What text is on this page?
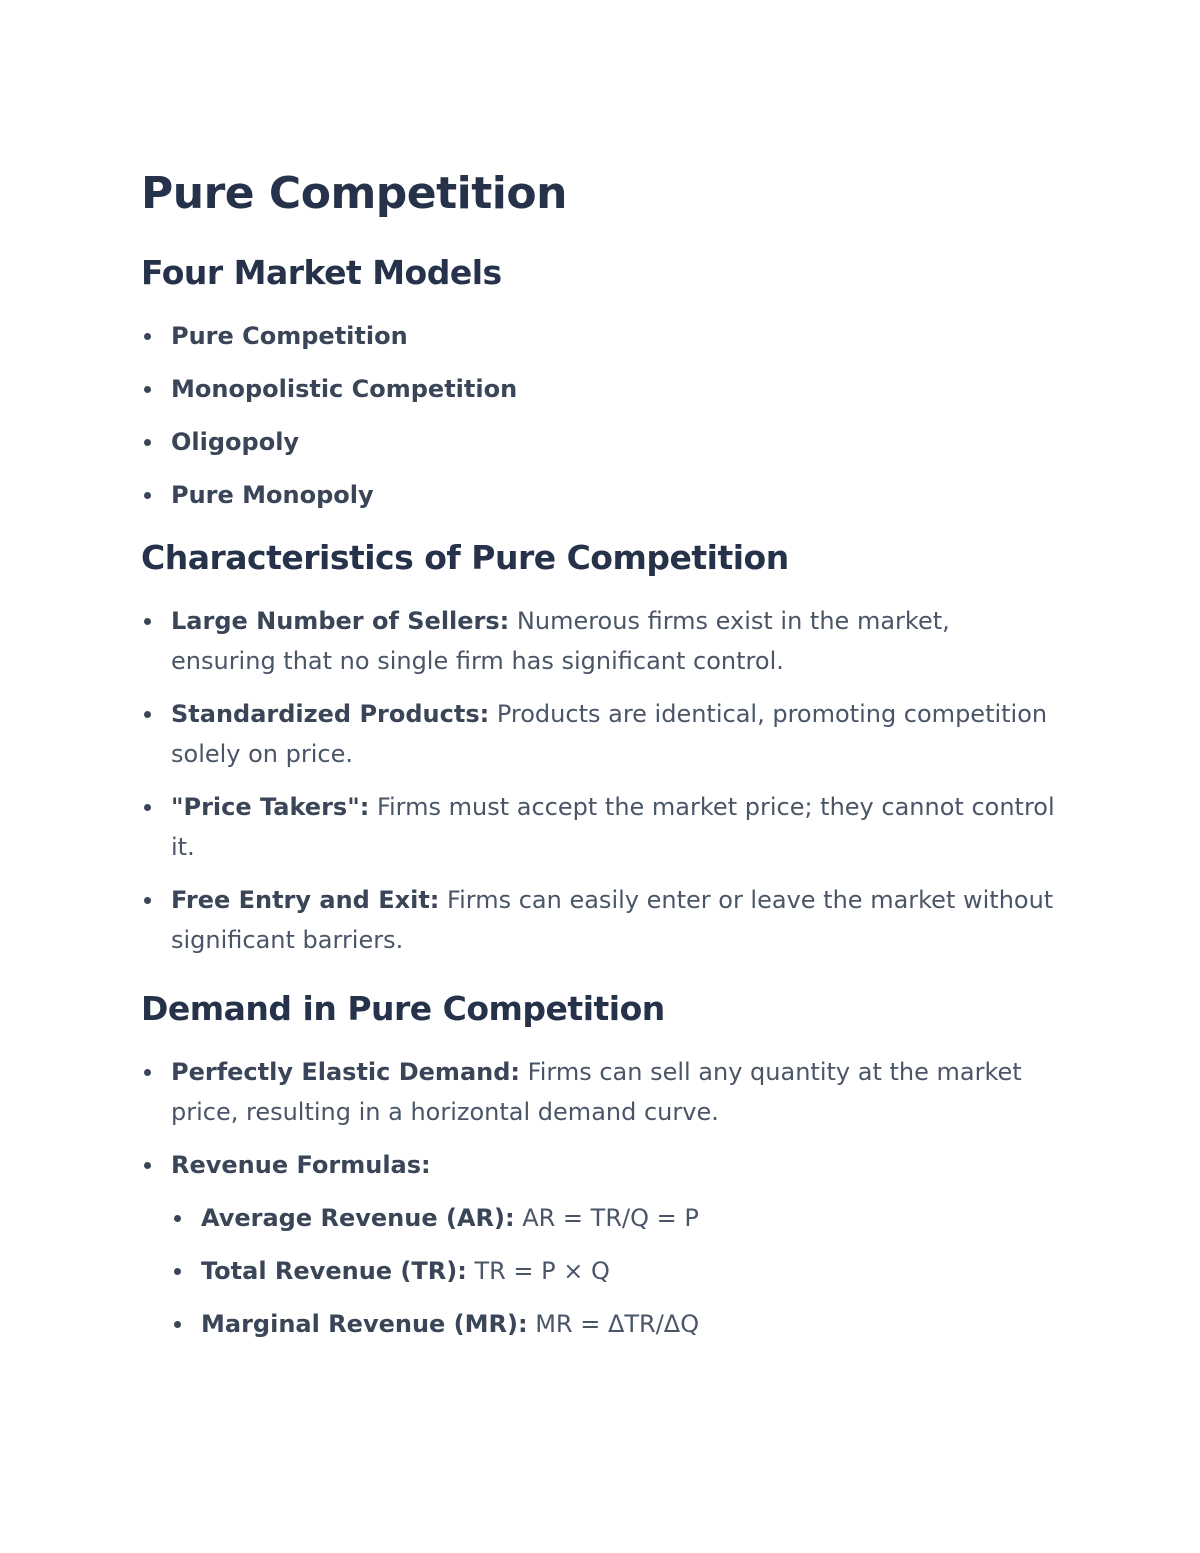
Pure Competition
Four Market Models
Pure Competition
Monopolistic Competition
Oligopoly
Pure Monopoly
Characteristics of Pure Competition
Large Number of Sellers: Numerous firms exist in the market, ensuring that no single firm has significant control.
Standardized Products: Products are identical, promoting competition solely on price.
"Price Takers": Firms must accept the market price; they cannot control it.
Free Entry and Exit: Firms can easily enter or leave the market without significant barriers.
Demand in Pure Competition
Perfectly Elastic Demand: Firms can sell any quantity at the market price, resulting in a horizontal demand curve.
Revenue Formulas:
Average Revenue (AR): AR = TR/Q = P
Total Revenue (TR): TR = P × Q
Marginal Revenue (MR): MR = ΔTR/ΔQ
